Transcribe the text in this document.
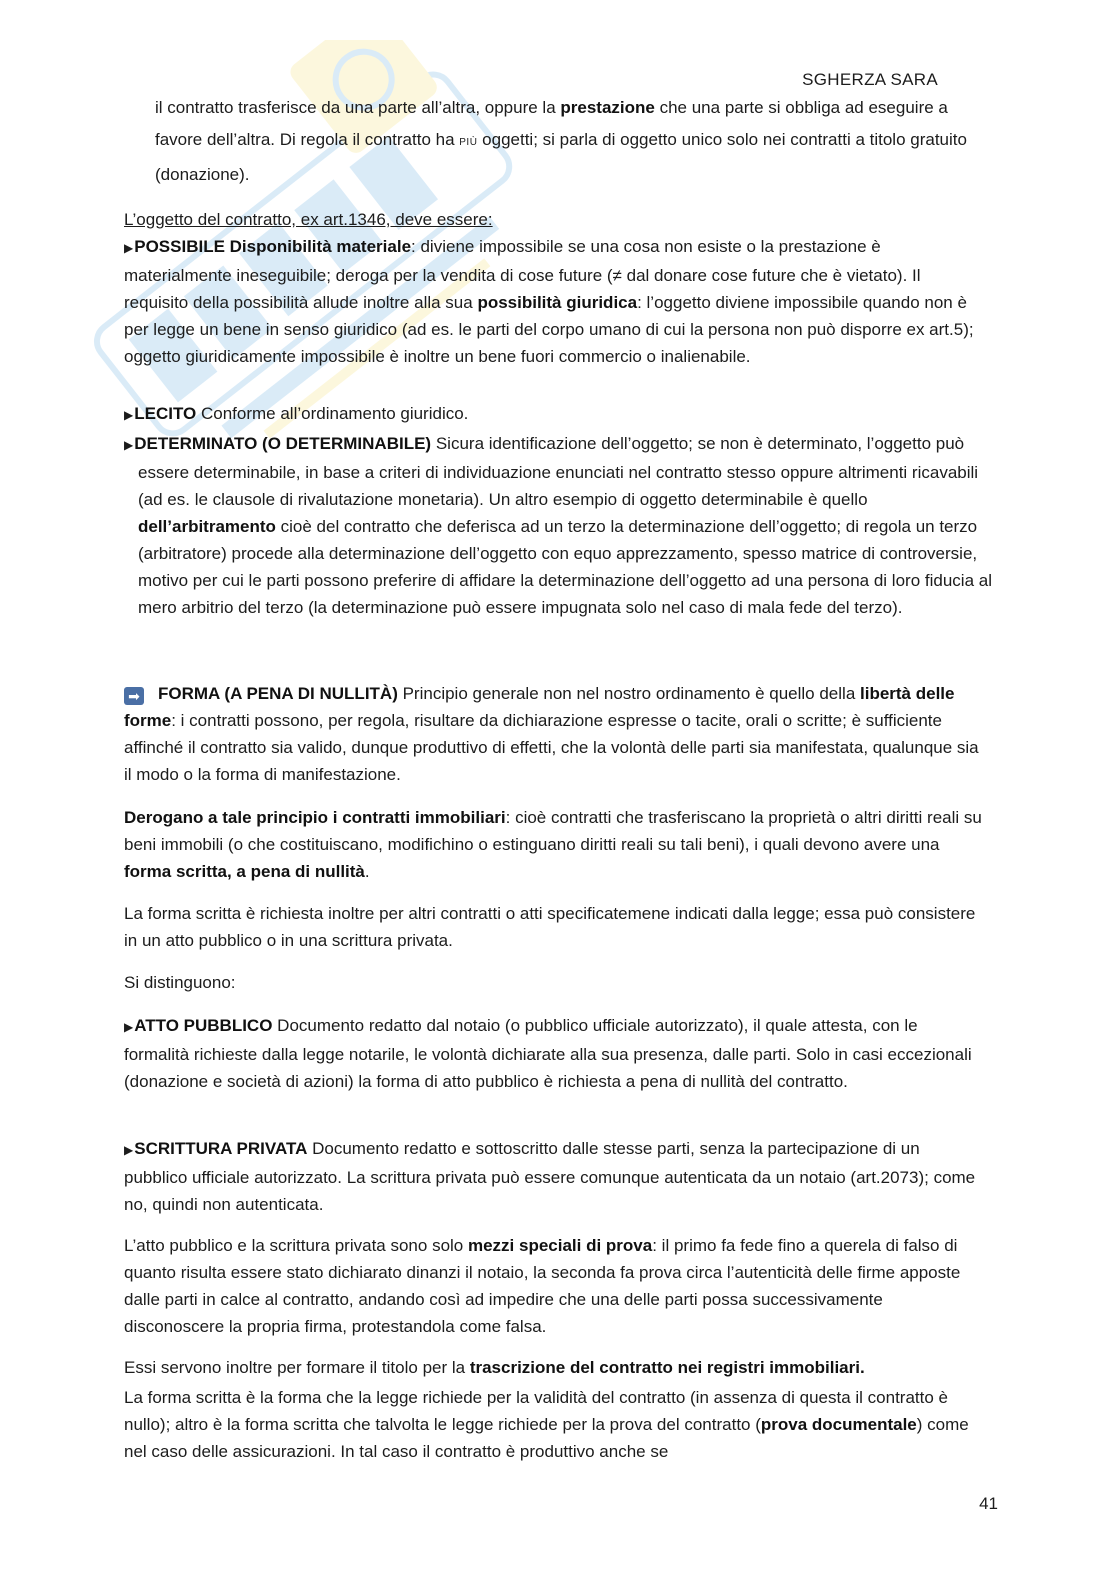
SGHERZA SARA
il contratto trasferisce da una parte all’altra, oppure la prestazione che una parte si obbliga ad eseguire a favore dell’altra. Di regola il contratto ha PIÙ oggetti; si parla di oggetto unico solo nei contratti a titolo gratuito (donazione).
L’oggetto del contratto, ex art.1346, deve essere:
▶POSSIBILE Disponibilità materiale: diviene impossibile se una cosa non esiste o la prestazione è materialmente ineseguibile; deroga per la vendita di cose future (≠ dal donare cose future che è vietato). Il requisito della possibilità allude inoltre alla sua possibilità giuridica: l’oggetto diviene impossibile quando non è per legge un bene in senso giuridico (ad es. le parti del corpo umano di cui la persona non può disporre ex art.5); oggetto giuridicamente impossibile è inoltre un bene fuori commercio o inalienabile.
▶LECITO Conforme all’ordinamento giuridico.
▶DETERMINATO (O DETERMINABILE) Sicura identificazione dell’oggetto; se non è determinato, l’oggetto può essere determinabile, in base a criteri di individuazione enunciati nel contratto stesso oppure altrimenti ricavabili (ad es. le clausole di rivalutazione monetaria). Un altro esempio di oggetto determinabile è quello dell’arbitramento cioè del contratto che deferisca ad un terzo la determinazione dell’oggetto; di regola un terzo (arbitratore) procede alla determinazione dell’oggetto con equo apprezzamento, spesso matrice di controversie, motivo per cui le parti possono preferire di affidare la determinazione dell’oggetto ad una persona di loro fiducia al mero arbitrio del terzo (la determinazione può essere impugnata solo nel caso di mala fede del terzo).
➡ FORMA (A PENA DI NULLITÀ) Principio generale non nel nostro ordinamento è quello della libertà delle forme: i contratti possono, per regola, risultare da dichiarazione espresse o tacite, orali o scritte; è sufficiente affinché il contratto sia valido, dunque produttivo di effetti, che la volontà delle parti sia manifestata, qualunque sia il modo o la forma di manifestazione.
Derogano a tale principio i contratti immobiliari: cioè contratti che trasferiscano la proprietà o altri diritti reali su beni immobili (o che costituiscano, modifichino o estinguano diritti reali su tali beni), i quali devono avere una forma scritta, a pena di nullità.
La forma scritta è richiesta inoltre per altri contratti o atti specificatemene indicati dalla legge; essa può consistere in un atto pubblico o in una scrittura privata.
Si distinguono:
▶ATTO PUBBLICO Documento redatto dal notaio (o pubblico ufficiale autorizzato), il quale attesta, con le formalità richieste dalla legge notarile, le volontà dichiarate alla sua presenza, dalle parti. Solo in casi eccezionali (donazione e società di azioni) la forma di atto pubblico è richiesta a pena di nullità del contratto.
▶SCRITTURA PRIVATA Documento redatto e sottoscritto dalle stesse parti, senza la partecipazione di un pubblico ufficiale autorizzato. La scrittura privata può essere comunque autenticata da un notaio (art.2073); come no, quindi non autenticata.
L’atto pubblico e la scrittura privata sono solo mezzi speciali di prova: il primo fa fede fino a querela di falso di quanto risulta essere stato dichiarato dinanzi il notaio, la seconda fa prova circa l’autenticità delle firme apposte dalle parti in calce al contratto, andando così ad impedire che una delle parti possa successivamente disconoscere la propria firma, protestandola come falsa.
Essi servono inoltre per formare il titolo per la trascrizione del contratto nei registri immobiliari.
La forma scritta è la forma che la legge richiede per la validità del contratto (in assenza di questa il contratto è nullo); altro è la forma scritta che talvolta le legge richiede per la prova del contratto (prova documentale) come nel caso delle assicurazioni. In tal caso il contratto è produttivo anche se
41
